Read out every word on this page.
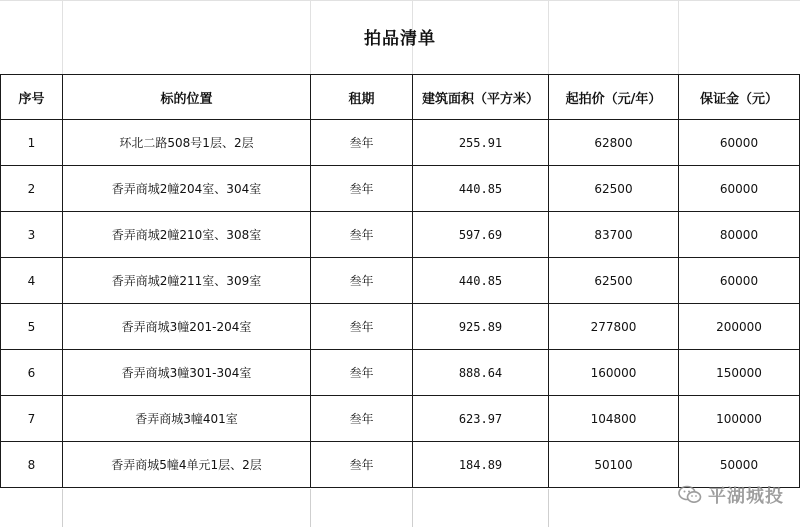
拍品清单
序号	标的位置	租期	建筑面积（平方米）	起拍价（元/年）	保证金（元）
1	环北二路508号1层、2层	叁年	255.91	62800	60000
2	香弄商城2幢204室、304室	叁年	440.85	62500	60000
3	香弄商城2幢210室、308室	叁年	597.69	83700	80000
4	香弄商城2幢211室、309室	叁年	440.85	62500	60000
5	香弄商城3幢201-204室	叁年	925.89	277800	200000
6	香弄商城3幢301-304室	叁年	888.64	160000	150000
7	香弄商城3幢401室	叁年	623.97	104800	100000
8	香弄商城5幢4单元1层、2层	叁年	184.89	50100	50000
平湖城投
